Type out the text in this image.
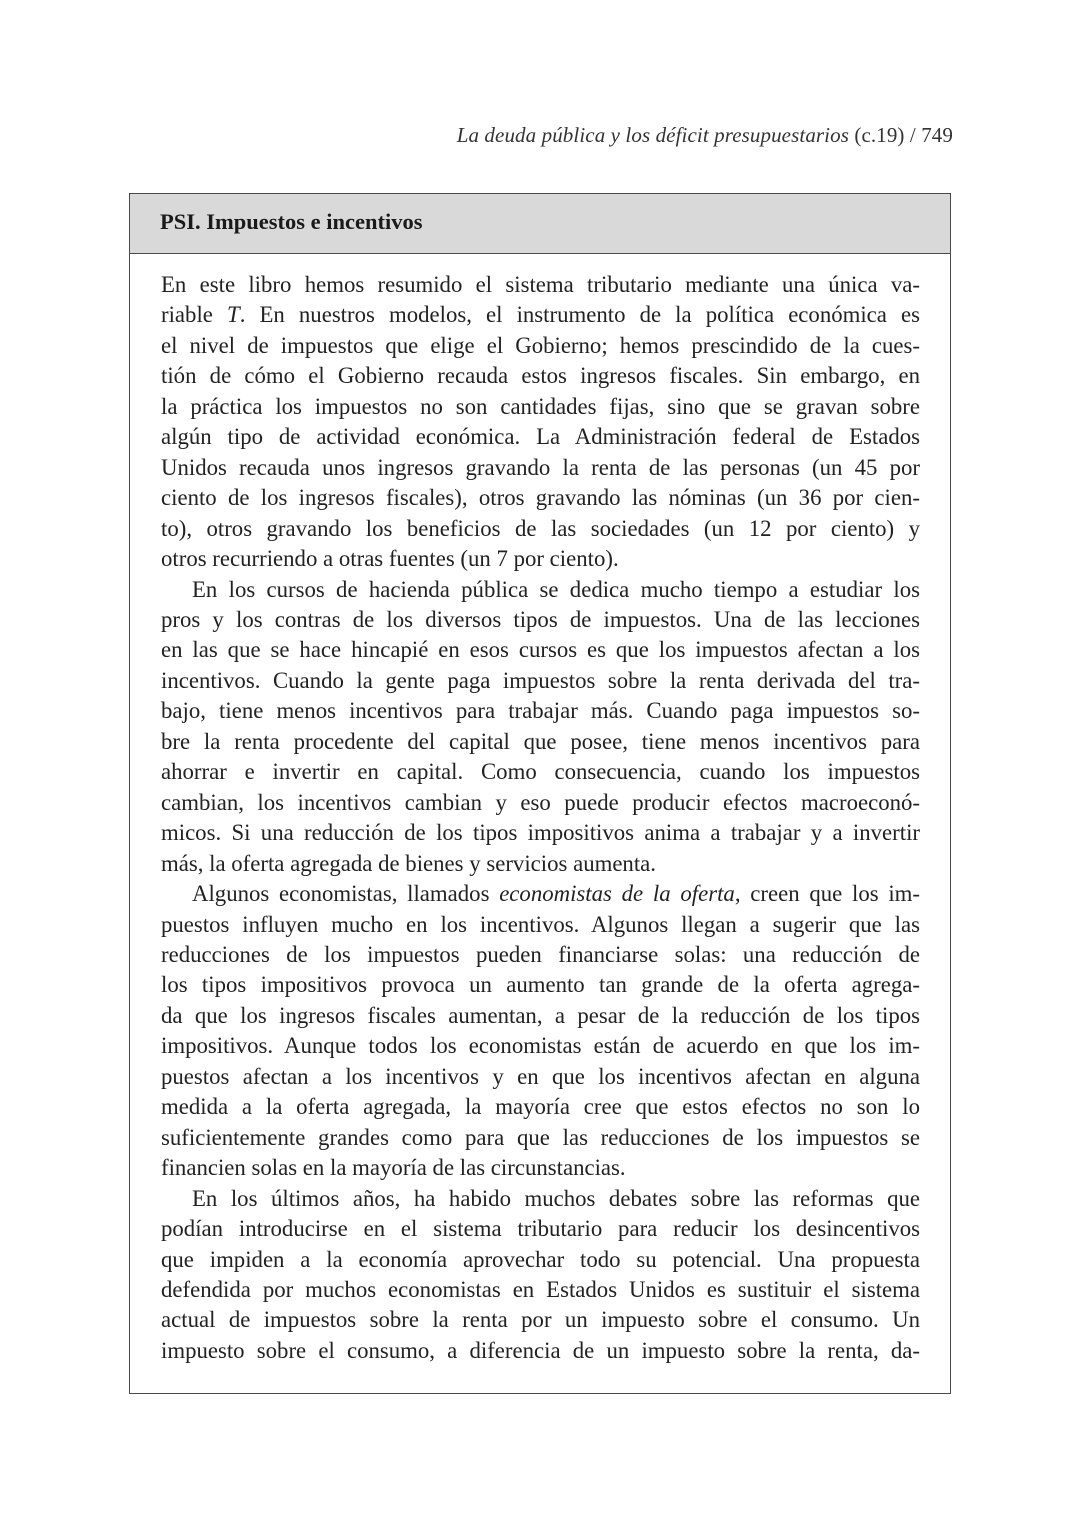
La deuda pública y los déficit presupuestarios (c.19) / 749
PSI. Impuestos e incentivos

En este libro hemos resumido el sistema tributario mediante una única va-
riable T. En nuestros modelos, el instrumento de la política económica es
el nivel de impuestos que elige el Gobierno; hemos prescindido de la cues-
tión de cómo el Gobierno recauda estos ingresos fiscales. Sin embargo, en
la práctica los impuestos no son cantidades fijas, sino que se gravan sobre
algún tipo de actividad económica. La Administración federal de Estados
Unidos recauda unos ingresos gravando la renta de las personas (un 45 por
ciento de los ingresos fiscales), otros gravando las nóminas (un 36 por cien-
to), otros gravando los beneficios de las sociedades (un 12 por ciento) y
otros recurriendo a otras fuentes (un 7 por ciento).

En los cursos de hacienda pública se dedica mucho tiempo a estudiar los
pros y los contras de los diversos tipos de impuestos. Una de las lecciones
en las que se hace hincapié en esos cursos es que los impuestos afectan a los
incentivos. Cuando la gente paga impuestos sobre la renta derivada del tra-
bajo, tiene menos incentivos para trabajar más. Cuando paga impuestos so-
bre la renta procedente del capital que posee, tiene menos incentivos para
ahorrar e invertir en capital. Como consecuencia, cuando los impuestos
cambian, los incentivos cambian y eso puede producir efectos macroeconó-
micos. Si una reducción de los tipos impositivos anima a trabajar y a invertir
más, la oferta agregada de bienes y servicios aumenta.

Algunos economistas, llamados economistas de la oferta, creen que los im-
puestos influyen mucho en los incentivos. Algunos llegan a sugerir que las
reducciones de los impuestos pueden financiarse solas: una reducción de
los tipos impositivos provoca un aumento tan grande de la oferta agrega-
da que los ingresos fiscales aumentan, a pesar de la reducción de los tipos
impositivos. Aunque todos los economistas están de acuerdo en que los im-
puestos afectan a los incentivos y en que los incentivos afectan en alguna
medida a la oferta agregada, la mayoría cree que estos efectos no son lo
suficientemente grandes como para que las reducciones de los impuestos se
financien solas en la mayoría de las circunstancias.

En los últimos años, ha habido muchos debates sobre las reformas que
podían introducirse en el sistema tributario para reducir los desincentivos
que impiden a la economía aprovechar todo su potencial. Una propuesta
defendida por muchos economistas en Estados Unidos es sustituir el sistema
actual de impuestos sobre la renta por un impuesto sobre el consumo. Un
impuesto sobre el consumo, a diferencia de un impuesto sobre la renta, da-
